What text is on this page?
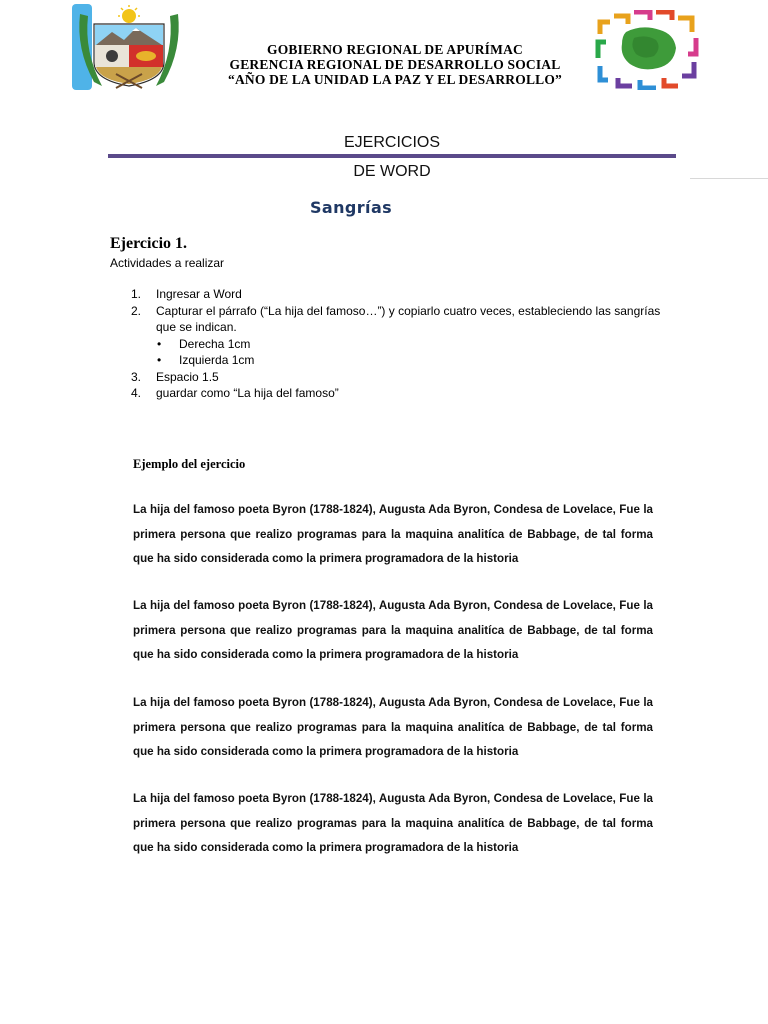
GOBIERNO REGIONAL DE APURÍMAC
GERENCIA REGIONAL DE DESARROLLO SOCIAL
“AÑO DE LA UNIDAD LA PAZ Y EL DESARROLLO”
EJERCICIOS
DE WORD
Sangrías
Ejercicio 1.
Actividades a realizar
1. Ingresar a Word
2. Capturar el párrafo (“La hija del famoso…”) y copiarlo cuatro veces, estableciendo las sangrías que se indican.
• Derecha 1cm
• Izquierda 1cm
3. Espacio 1.5
4. guardar como “La hija del famoso”
Ejemplo del ejercicio
La hija del famoso poeta Byron (1788-1824), Augusta Ada Byron, Condesa de Lovelace, Fue la primera persona que realizo programas para la maquina analitíca de Babbage, de tal forma que ha sido considerada como la primera programadora de la historia
La hija del famoso poeta Byron (1788-1824), Augusta Ada Byron, Condesa de Lovelace, Fue la primera persona que realizo programas para la maquina analitíca de Babbage, de tal forma que ha sido considerada como la primera programadora de la historia
La hija del famoso poeta Byron (1788-1824), Augusta Ada Byron, Condesa de Lovelace, Fue la primera persona que realizo programas para la maquina analitíca de Babbage, de tal forma que ha sido considerada como la primera programadora de la historia
La hija del famoso poeta Byron (1788-1824), Augusta Ada Byron, Condesa de Lovelace, Fue la primera persona que realizo programas para la maquina analitíca de Babbage, de tal forma que ha sido considerada como la primera programadora de la historia
